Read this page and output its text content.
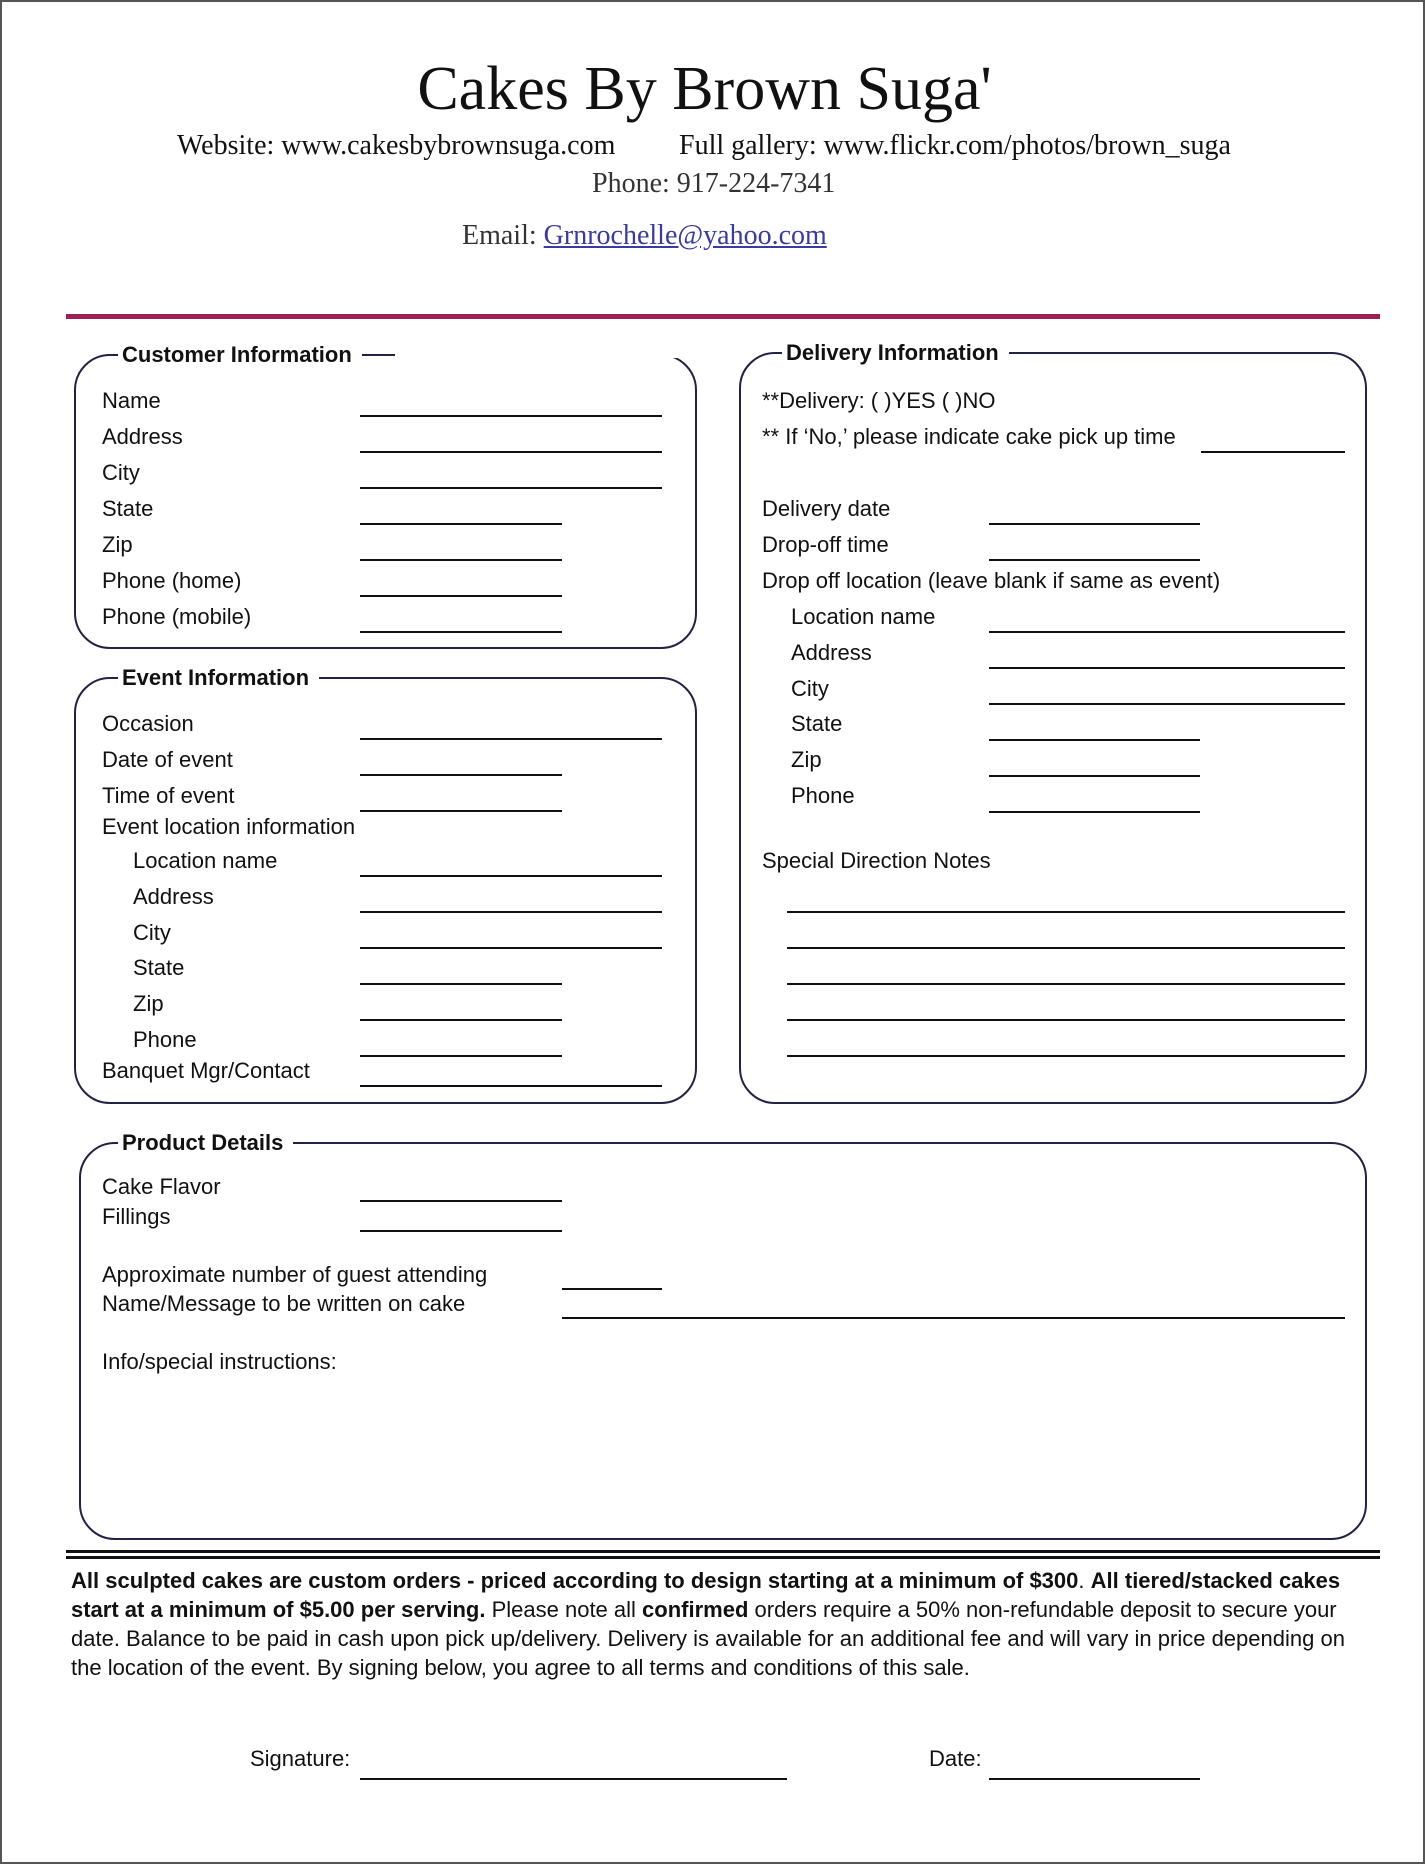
Cakes By Brown Suga'
Website: www.cakesbybrownsuga.com Full gallery: www.flickr.com/photos/brown_suga
Phone: 917-224-7341
Email: Grnrochelle@yahoo.com
Customer Information
Name
Address
City
State
Zip
Phone (home)
Phone (mobile)
Event Information
Occasion
Date of event
Time of event
Event location information
Location name
Address
City
State
Zip
Phone
Banquet Mgr/Contact
Delivery Information
**Delivery: ( )YES ( )NO
** If ‘No,’ please indicate cake pick up time
Delivery date
Drop-off time
Drop off location (leave blank if same as event)
Location name
Address
City
State
Zip
Phone
Special Direction Notes
Product Details
Cake Flavor
Fillings
Approximate number of guest attending
Name/Message to be written on cake
Info/special instructions:
All sculpted cakes are custom orders - priced according to design starting at a minimum of $300. All tiered/stacked cakes start at a minimum of $5.00 per serving. Please note all confirmed orders require a 50% non-refundable deposit to secure your date. Balance to be paid in cash upon pick up/delivery. Delivery is available for an additional fee and will vary in price depending on the location of the event. By signing below, you agree to all terms and conditions of this sale.
Signature:	Date:
